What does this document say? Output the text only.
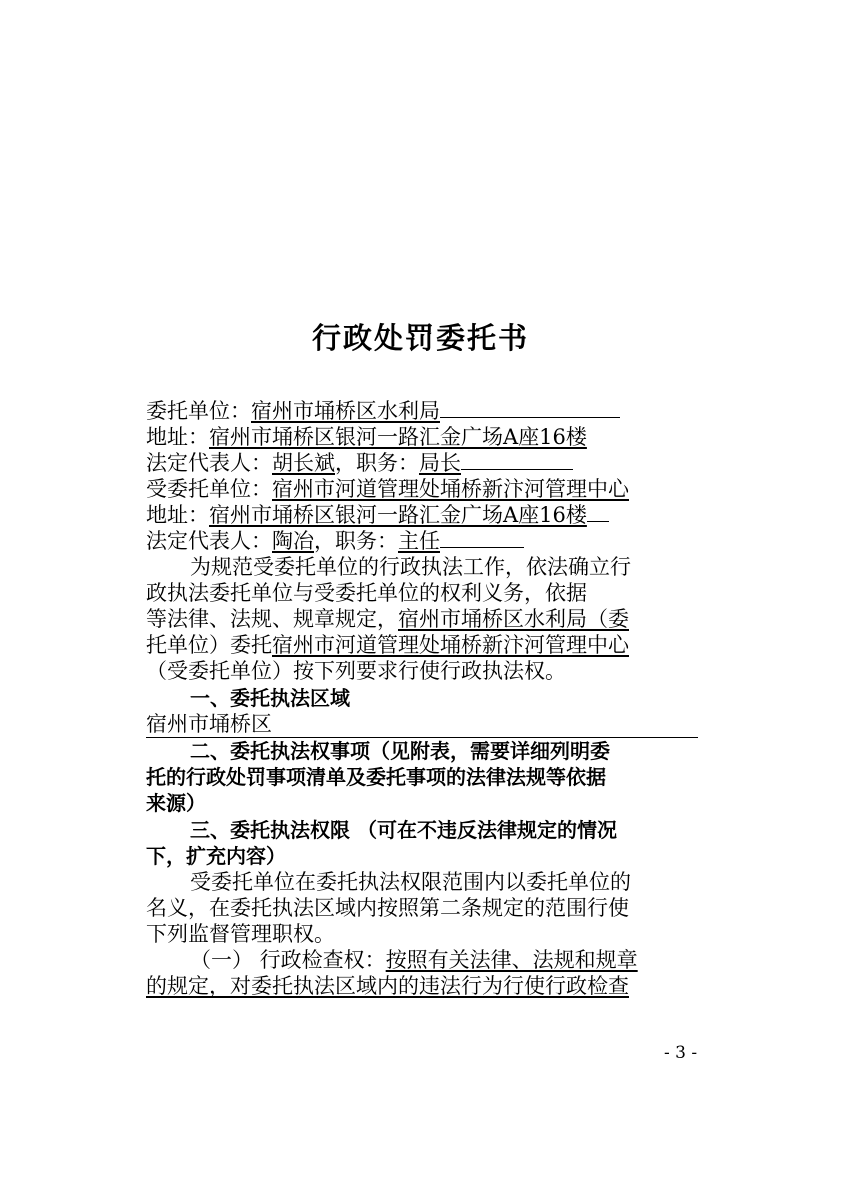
行政处罚委托书
委托单位：宿州市埇桥区水利局
地址：宿州市埇桥区银河一路汇金广场A座16楼
法定代表人：胡长斌，职务：局长
受委托单位：宿州市河道管理处埇桥新汴河管理中心
地址：宿州市埇桥区银河一路汇金广场A座16楼
法定代表人：陶冶，职务：主任
为规范受委托单位的行政执法工作，依法确立行
政执法委托单位与受委托单位的权利义务，依据
等法律、法规、规章规定，宿州市埇桥区水利局（委
托单位）委托宿州市河道管理处埇桥新汴河管理中心
（受委托单位）按下列要求行使行政执法权。
一、委托执法区域
宿州市埇桥区
二、委托执法权事项（见附表，需要详细列明委
托的行政处罚事项清单及委托事项的法律法规等依据
来源）
三、委托执法权限 （可在不违反法律规定的情况
下，扩充内容）
受委托单位在委托执法权限范围内以委托单位的
名义，在委托执法区域内按照第二条规定的范围行使
下列监督管理职权。
（一） 行政检查权：按照有关法律、法规和规章
的规定，对委托执法区域内的违法行为行使行政检查
- 3 -
